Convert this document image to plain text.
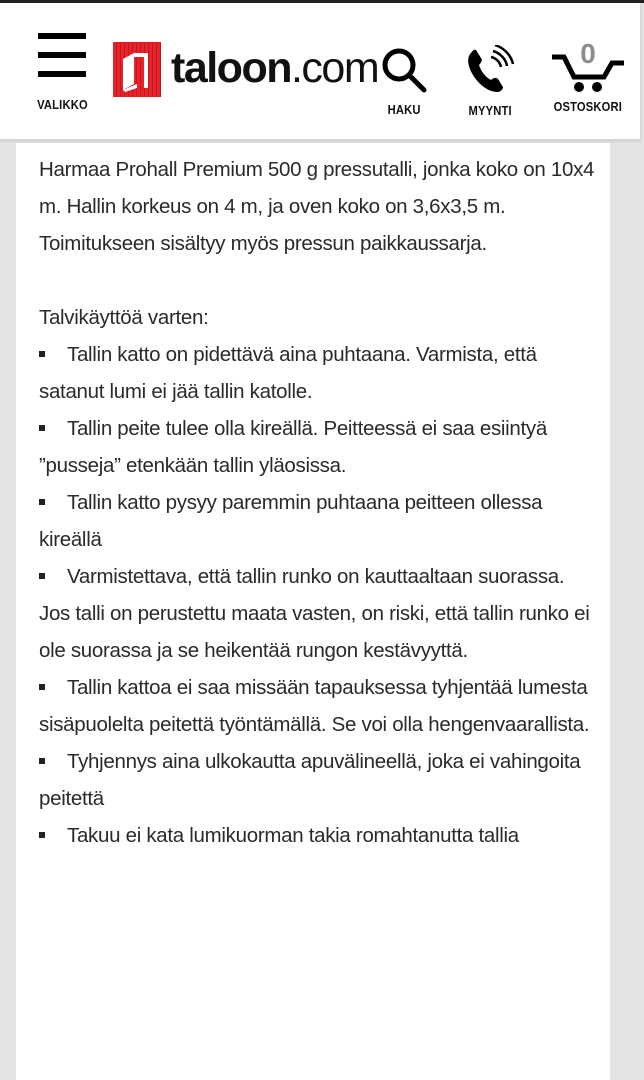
VALIKKO
taloon.com
HAKU	MYYNTI
0
OSTOSKORI

Harmaa Prohall Premium 500 g pressutalli, jonka koko on 10x4 m. Hallin korkeus on 4 m, ja oven koko on 3,6x3,5 m. Toimitukseen sisältyy myös pressun paikkaussarja.

Talvikäyttöä varten:

Tallin katto on pidettävä aina puhtaana. Varmista, että satanut lumi ei jää tallin katolle.

Tallin peite tulee olla kireällä. Peitteessä ei saa esiintyä ”pusseja” etenkään tallin yläosissa.

Tallin katto pysyy paremmin puhtaana peitteen ollessa kireällä

Varmistettava, että tallin runko on kauttaaltaan suorassa. Jos talli on perustettu maata vasten, on riski, että tallin runko ei ole suorassa ja se heikentää rungon kestävyyttä.

Tallin kattoa ei saa missään tapauksessa tyhjentää lumesta sisäpuolelta peitettä työntämällä. Se voi olla hengenvaarallista.

Tyhjennys aina ulkokautta apuvälineellä, joka ei vahingoita peitettä

Takuu ei kata lumikuorman takia romahtanutta tallia
